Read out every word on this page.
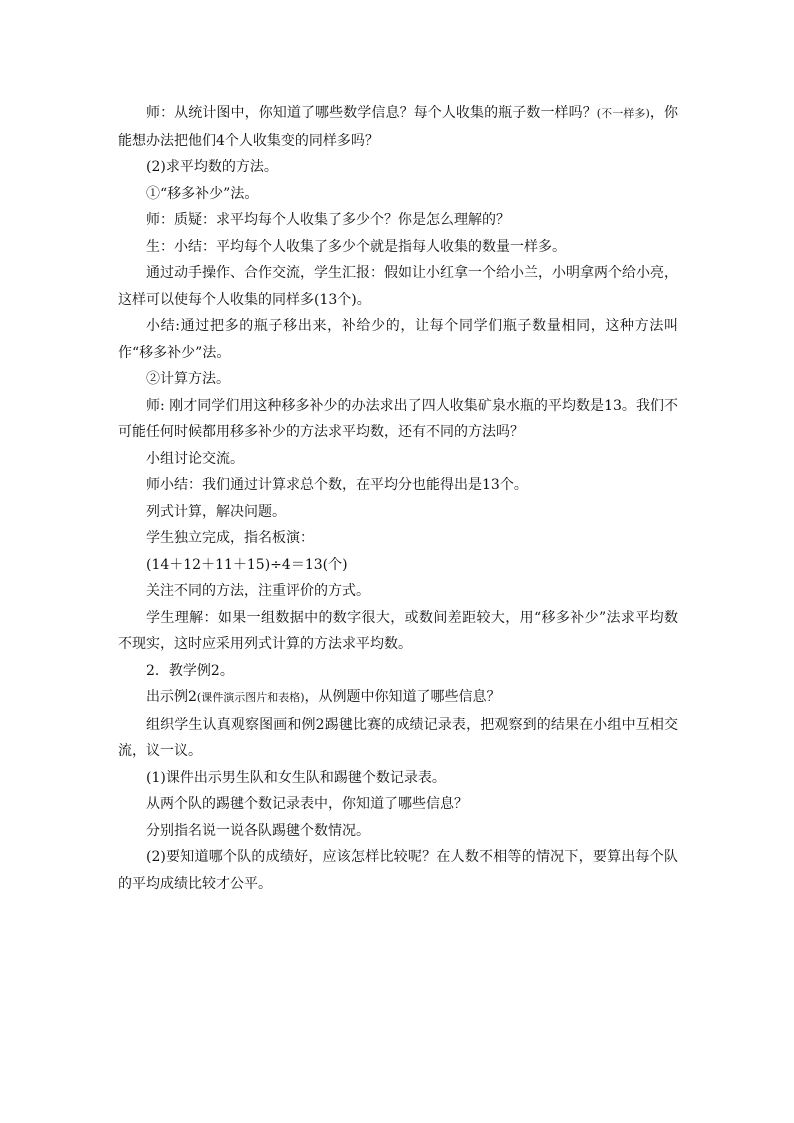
师：从统计图中，你知道了哪些数学信息？每个人收集的瓶子数一样吗？(不一样多)，你能想办法把他们4个人收集变的同样多吗？

(2)求平均数的方法。

①“移多补少”法。

师：质疑：求平均每个人收集了多少个？你是怎么理解的？

生：小结：平均每个人收集了多少个就是指每人收集的数量一样多。

通过动手操作、合作交流，学生汇报：假如让小红拿一个给小兰，小明拿两个给小亮，这样可以使每个人收集的同样多(13个)。

小结:通过把多的瓶子移出来，补给少的，让每个同学们瓶子数量相同，这种方法叫作“移多补少”法。

②计算方法。

师: 刚才同学们用这种移多补少的办法求出了四人收集矿泉水瓶的平均数是13。我们不可能任何时候都用移多补少的方法求平均数，还有不同的方法吗？

小组讨论交流。

师小结：我们通过计算求总个数，在平均分也能得出是13个。

列式计算，解决问题。

学生独立完成，指名板演：

(14＋12＋11＋15)÷4＝13(个)

关注不同的方法，注重评价的方式。

学生理解：如果一组数据中的数字很大，或数间差距较大，用“移多补少”法求平均数不现实，这时应采用列式计算的方法求平均数。

2．教学例2。

出示例2(课件演示图片和表格)，从例题中你知道了哪些信息？

组织学生认真观察图画和例2踢毽比赛的成绩记录表，把观察到的结果在小组中互相交流，议一议。

(1)课件出示男生队和女生队和踢毽个数记录表。

从两个队的踢毽个数记录表中，你知道了哪些信息？

分别指名说一说各队踢毽个数情况。

(2)要知道哪个队的成绩好，应该怎样比较呢？在人数不相等的情况下，要算出每个队的平均成绩比较才公平。
